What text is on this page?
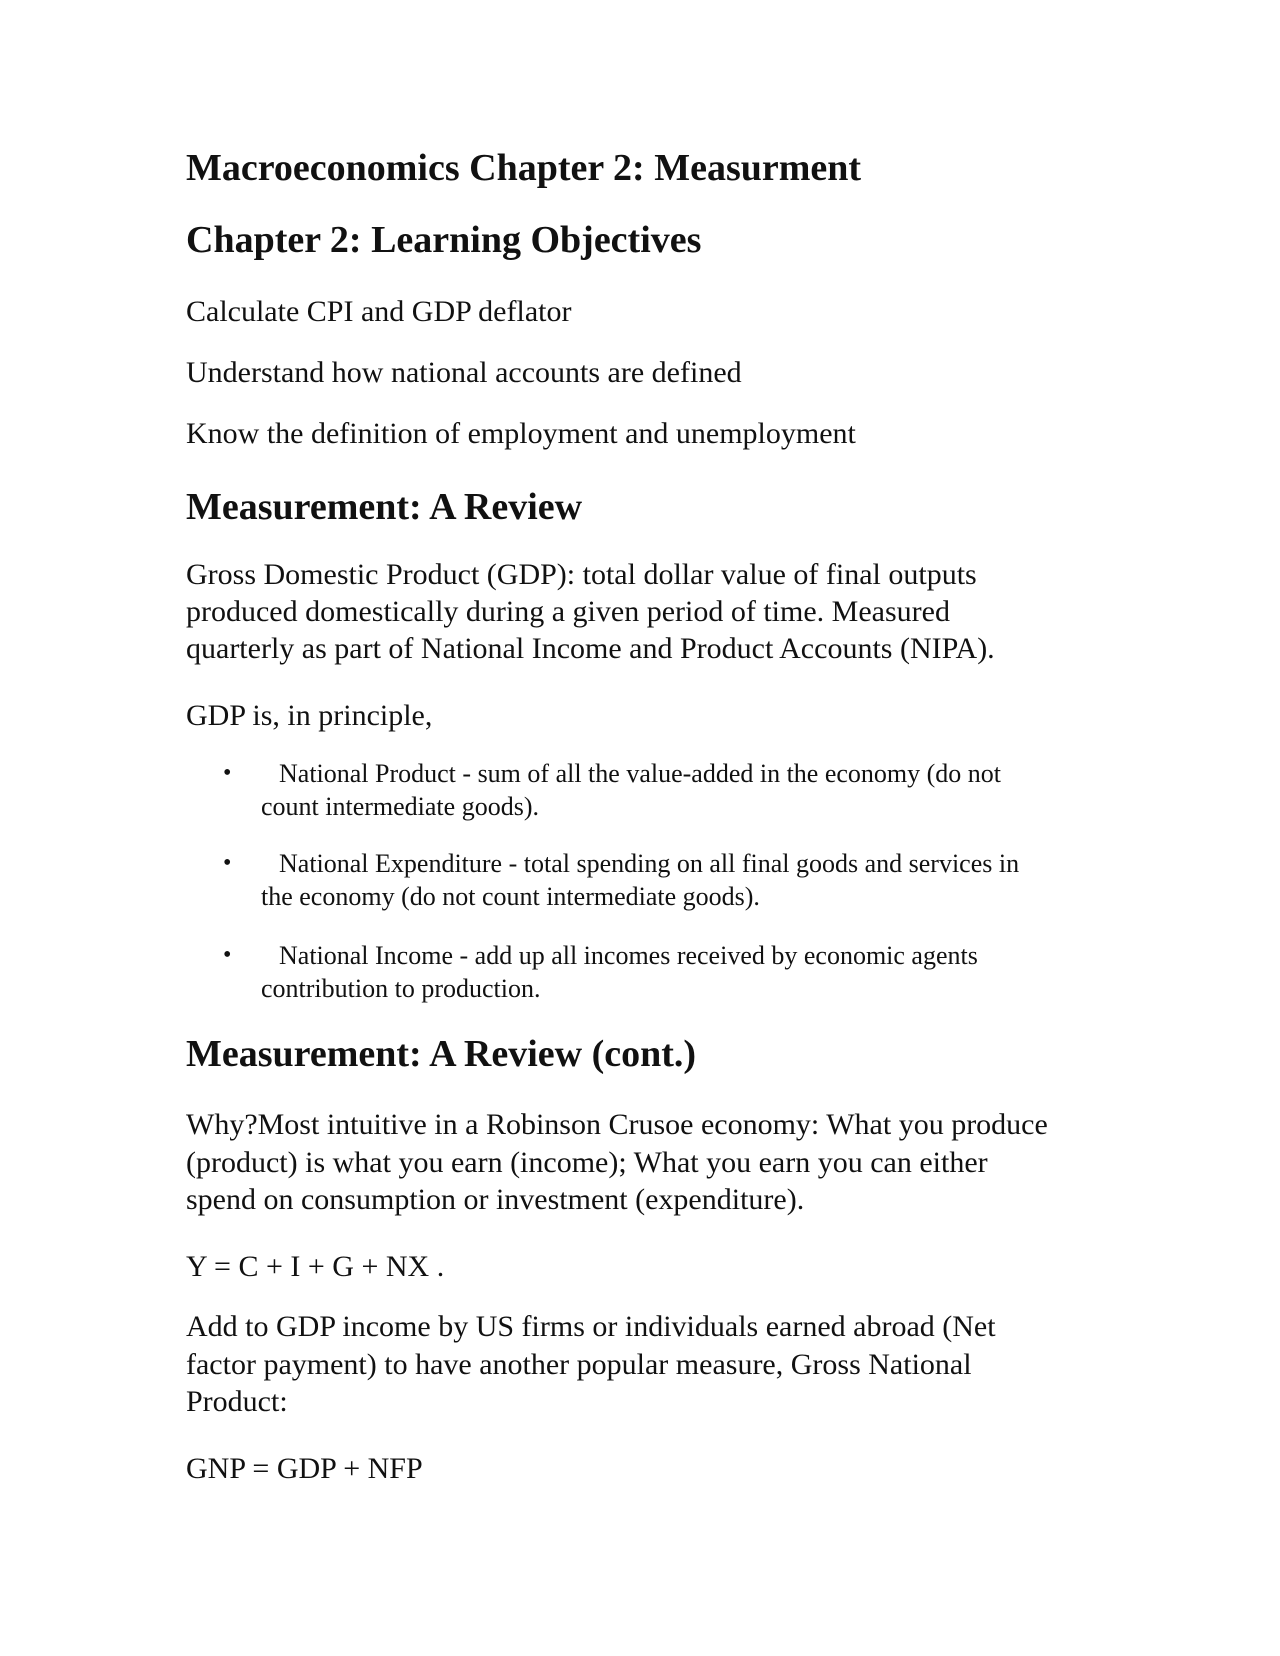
Macroeconomics Chapter 2: Measurment
Chapter 2: Learning Objectives

Calculate CPI and GDP deflator

Understand how national accounts are defined

Know the definition of employment and unemployment

Measurement: A Review

Gross Domestic Product (GDP): total dollar value of final outputs

produced domestically during a given period of time. Measured

quarterly as part of National Income and Product Accounts (NIPA).

GDP is, in principle,

•	National Product - sum of all the value-added in the economy (do not
count intermediate goods).
•	National Expenditure - total spending on all final goods and services in
the economy (do not count intermediate goods).
•	National Income - add up all incomes received by economic agents
contribution to production.
Measurement: A Review (cont.)

Why?Most intuitive in a Robinson Crusoe economy: What you produce

(product) is what you earn (income); What you earn you can either

spend on consumption or investment (expenditure).

Y = C + I + G + NX .

Add to GDP income by US firms or individuals earned abroad (Net

factor payment) to have another popular measure, Gross National

Product:

GNP = GDP + NFP
